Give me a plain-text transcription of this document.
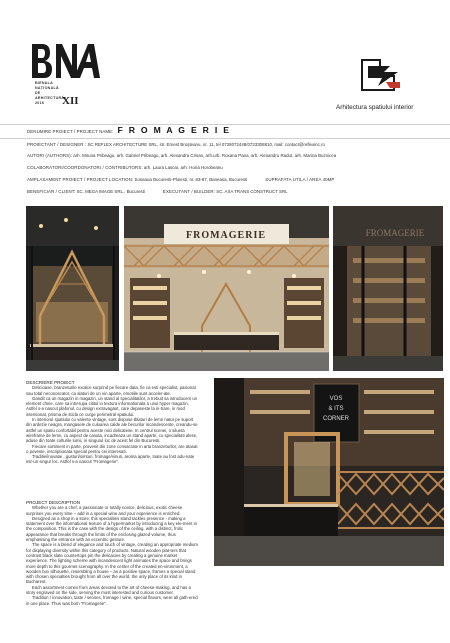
BIENALA
NAȚIONALĂ
DE
ARHITECTURĂ
2016	XII
Arhitectura spatiului interior
DENUMIRE PROIECT / PROJECT NAME: F R O M A G E R I E
PROIECTANT / DESIGNER : SC REFLEX ARCHITECTURE SRL, str. Ernest Broșteanu, nr. 11, tel 0728072448/0723308810, mail: contact@reflexinc.ro
AUTORI (AUTHORS): arh. Miruna Pribeagu, arh. Gabriel Pribeagu, arh. Alexandra Crisan, arh.urb. Roxana Pana, arh. Alexandru Radut, arh. Marina Buznicea
COLABORATORI/COORDONATORI / CONTRIBUTORS: arh. Laura Lascar, arh. Horia Horobeanu
AMPLASAMENT PROIECT / PROJECT LOCATION: Soseaua Bucuresti-Ploiesti, nr. 83-87, Baneasa, Bucuresti	SUPRAFATA UTILA / AREA 40MP
BENEFICIAR / CLIENT: SC. MEGA IMAGE SRL., Bucuresti	EXECUTANT / BUILDER: SC. AXA TRANS CONSTRUCT SRL
FROMAGERIE	FROMAGERIE
DESCRIERE PROIECT

Delicioase, branzeturile exotice surprind pe fiecare data, fie ca esti specialist, pasionat sau total neconoscator, ca alaturi de un vin aparte, emotiile sunt acceler-ate.

Gandit ca un magazin in magazin, un stand al specialitatilor, a trebuit sa introducem un element cheie, care sa intrerupa cititul in textura informationala a unui hyper magazin. Astfel s-a nascut plafonul, cu design extravagant, care depaseste la in-trare, in mod intentionat, prisma de sticla ce curge perimetral spatiului.

In interiorul spatiului cu valente vintage, sunt dispuse tblaturi de lemn natur pe suport din ardezie neagra, mangasele de culoarea calde ale becurilor incandescente, creandu-se astfel un spatiu confortabil pentru aceste mici delicatese. In centrul scenei, o silueta wireframe de lemn, cu aspect de casuta, incadreaza un stand aparte, cu specialitati alese, aduse din toate colturile lumii, in singurul loc de acest fel din Bucuresti.

Fiecare sortiment in parte, provenit din zone consacrate in arta branzeturilor, are atasat o poveste, inscriptionata special pentru cei interesati.

Traditie/inovatie , gusturi/simturi, fromage/vinuri, aroma aparte, toate au fost adu-nate intr-un singur loc. Astfel s-a nascut "Fromagerie".

PROJECT DESCRIPTION

Whether you are a chef, a passionate or totally novice, delicious, exotic cheese surprises you every time – add in a special wine and your experience is enriched.

Designed as a shop in a store, this specialties stand tackles presence - making a statement over the informational texture of a hypermarket by introducing a key ele-ment in the composition. This is the case with the design of the ceiling, with a distinct, frolic appearance that breaks through the limits of the enclosing glazed volume, thus emphasising the entrance with an eccentric gesture.

The space is a blend of elegance and touch of vintage, creating an appropriate medium for displaying diversity within this category of products. Natural wooden plat-ters that contrast black slate countertops pin the delicacies by creating a genuine market experience. The lighting scheme with incandescent light animates the space and brings more depth to this gourmet scenography. In the center of the created en-vironment, a wooden box silhouette, resembling a house – as a positive space, frames a special stand with chosen specialties brought from all over the world, the only place of its kind in Bucharest.

Each assortment comes from areas devoted to the art of cheese-making, and has a story engraved on the side, serving the most interested and curious customer.

Tradition / innovation, taste / senses, fromage / wine, special flavors, were all gath-ered in one place. Thus was born "Fromagerie".

VOS
& ITS
CORNER
